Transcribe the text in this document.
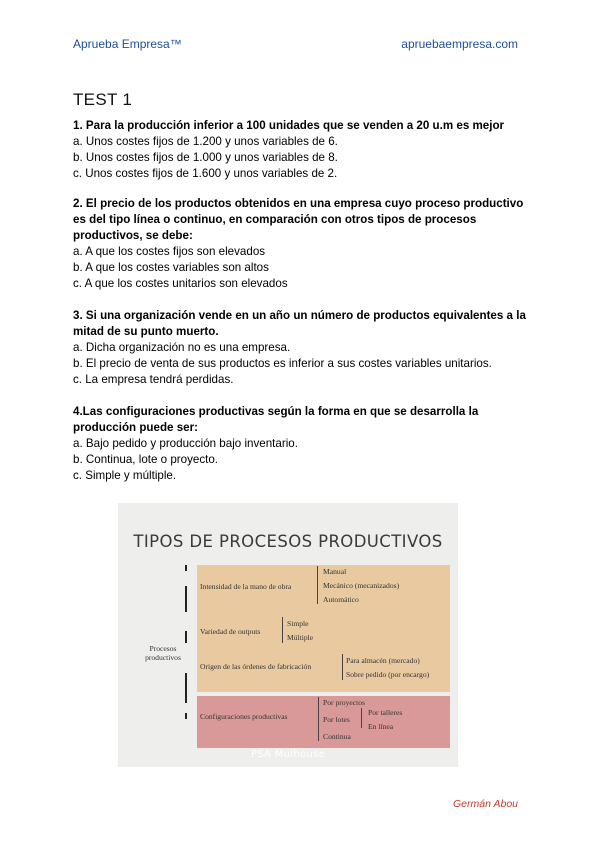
Aprueba Empresa™	apruebaempresa.com
TEST 1
1. Para la producción inferior a 100 unidades que se venden a 20 u.m es mejor
a. Unos costes fijos de 1.200 y unos variables de 6.
b. Unos costes fijos de 1.000 y unos variables de 8.
c. Unos costes fijos de 1.600 y unos variables de 2.
2. El precio de los productos obtenidos en una empresa cuyo proceso productivo es del tipo línea o continuo, en comparación con otros tipos de procesos productivos, se debe:
a. A que los costes fijos son elevados
b. A que los costes variables son altos
c. A que los costes unitarios son elevados
3. Si una organización vende en un año un número de productos equivalentes a la mitad de su punto muerto.
a. Dicha organización no es una empresa.
b. El precio de venta de sus productos es inferior a sus costes variables unitarios.
c. La empresa tendrá perdidas.
4.Las configuraciones productivas según la forma en que se desarrolla la producción puede ser:
a. Bajo pedido y producción bajo inventario.
b. Continua, lote o proyecto.
c. Simple y múltiple.
TIPOS DE PROCESOS PRODUCTIVOS
Procesos productivos
Intensidad de la mano de obra
Manual
Mecánico (mecanizados)
Automático
Variedad de outputs
Simple
Múltiple
Origen de las órdenes de fabricación
Para almacén (mercado)
Sobre pedido (por encargo)
Configuraciones productivas
Por proyectos
Por lotes
Continua
Por talleres
En línea
PSA Mulhouse
Germán Abou
